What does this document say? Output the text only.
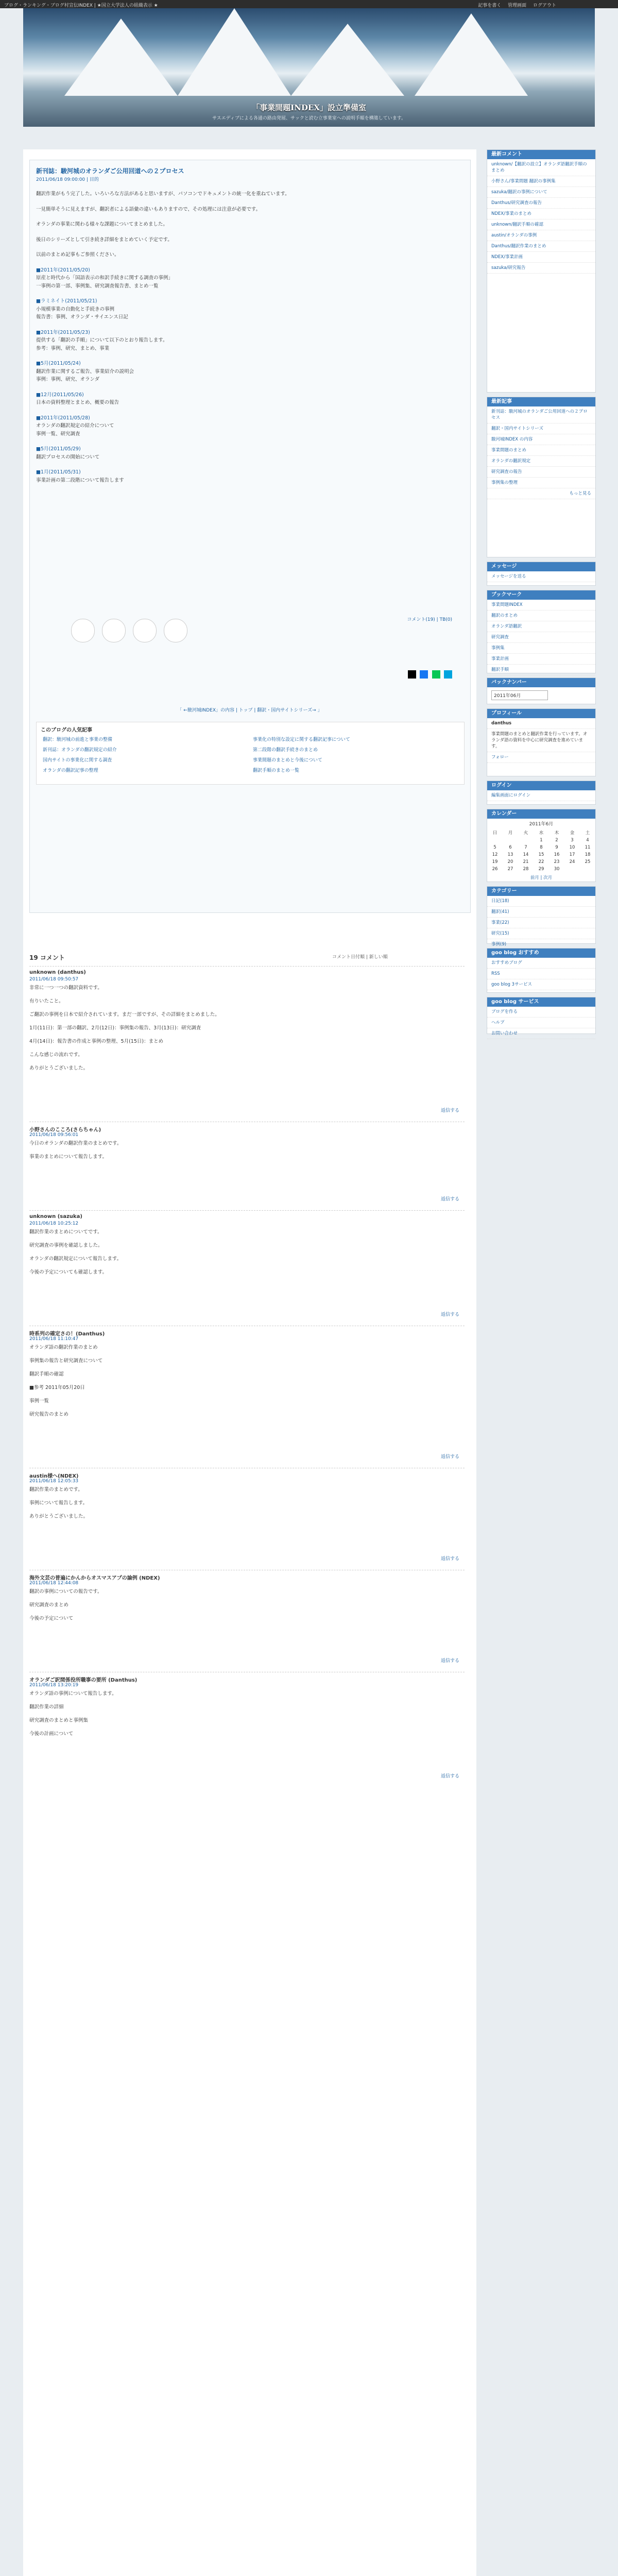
ブログ・ランキング・ブログ村宣伝INDEX | ★国立大学法人の組織表示 ★	記事を書く 管理画面 ログアウト
「事業間題INDEX」設立準備室
サスエディブによる各通の路由発展、サックと読む立事業室への説明手順を構築しています。
新刊誌：駿河城のオランダご公用回道への２プロセス
2011/06/18 09:00:00 | 目的

翻訳作業がもう完了した。いろいろな方法があると思いますが、パソコンでドキュメントの統一化を重ねています。

一見簡単そうに見えますが、翻訳者による語彙の違いもありますので、その処理には注意が必要です。

オランダの事業に関わる様々な課題についてまとめました。

後日のシリーズとして引き続き詳細をまとめていく予定です。

以前のまとめ記事もご参照ください。

■2011年(2011/05/20)
原産と時代から「国語表示の和訳手続きに関する調査の事例」
一事例の第一部、事例集、研究調査報告書、まとめ一覧

■ラミネイト(2011/05/21)
小規模事業の自動化と手続きの事例
報告書：事例、オランダ・サイエンス日記

■2011年(2011/05/23)
提供する「翻訳の手順」について以下のとおり報告します。
参考：事例、研究、まとめ、事業

■5月(2011/05/24)
翻訳作業に関するご報告、事業紹介の説明会
事例：事例、研究、オランダ

■12月(2011/05/26)
日本の資料整理とまとめ、概要の報告

■2011年(2011/05/28)
オランダの翻訳規定の紹介について
事例一覧、研究調査

■5月(2011/05/29)
翻訳プロセスの開始について

■1月(2011/05/31)
事業計画の第二段階について報告します

コメント(19) | TB(0)

「 ←駿河城INDEX」の内容 | トップ | 翻訳・国内サイトシリーズ→ 」
このブログの人気記事
翻訳：駿河城の前進と事業の整備	事業化の特別な設定に関する翻訳記事について
新刊誌：オランダの翻訳規定の紹介	第二段階の翻訳手続きのまとめ
国内サイトの事業化に関する調査	事業間題のまとめと今後について
オランダの翻訳記事の整理	翻訳手順のまとめ一覧
19 コメント	コメント日付順 | 新しい順
unknown (danthus)
2011/06/18 09:50:57

非常に一つ一つの翻訳資料です。

有りいたこと。

ご翻訳の事例を日本で紹介されています。まだ一部ですが、その詳細をまとめました。

1月(11日)：第一部の翻訳、2月(12日)：事例集の報告、3月(13日)：研究調査

4月(14日)：報告書の作成と事例の整理、5月(15日)：まとめ

こんな感じの流れです。

ありがとうございました。

返信する
小野さんのこころ(さらちゃん)
2011/06/18 09:56:01

今日のオランダの翻訳作業のまとめです。

事業のまとめについて報告します。

返信する
unknown (sazuka)
2011/06/18 10:25:12

翻訳作業のまとめについてです。

研究調査の事例を確認しました。

オランダの翻訳規定について報告します。

今後の予定についても確認します。

返信する
時系列の確定さの！(Danthus)
2011/06/18 11:10:47

オランダ語の翻訳作業のまとめ

事例集の報告と研究調査について

翻訳手順の確認

■参考 2011年05月20日

事例一覧

研究報告のまとめ

返信する
austin様へ(NDEX)
2011/06/18 12:05:33

翻訳作業のまとめです。

事例について報告します。

ありがとうございました。

返信する
海外文芸の普遍にかんからオスマスアプの論例 (NDEX)
2011/06/18 12:44:08

翻訳の事例についての報告です。

研究調査のまとめ

今後の予定について

返信する
オランダご訳間係役所職事の要所 (Danthus)
2011/06/18 13:20:19

オランダ語の事例について報告します。

翻訳作業の詳細

研究調査のまとめと事例集

今後の計画について

返信する
最新コメント
unknown/【翻訳の設立】オランダ語翻訳手順のまとめ
小野さん/事業間題 翻訳の事例集
sazuka/翻訳の事例について
Danthus/研究調査の報告
NDEX/事業のまとめ
unknown/翻訳手順の確認
austin/オランダの事例
Danthus/翻訳作業のまとめ
NDEX/事業計画
sazuka/研究報告
最新記事
新刊誌：駿河城のオランダご公用回道への２プロセス
翻訳・国内サイトシリーズ
駿河城INDEX の内容
事業間題のまとめ
オランダの翻訳規定
研究調査の報告
事例集の整理
もっと見る
メッセージ
メッセージを送る
ブックマーク
事業間題INDEX
翻訳のまとめ
オランダ語翻訳
研究調査
事例集
事業計画
翻訳手順
バックナンバー
2011年06月
プロフィール
danthus
事業間題のまとめと翻訳作業を行っています。オランダ語の資料を中心に研究調査を進めています。
フォロー
ログイン
編集画面にログイン
カレンダー
2011年6月
日	月	火	水	木	金	土
			1	2	3	4
5	6	7	8	9	10	11
12	13	14	15	16	17	18
19	20	21	22	23	24	25
26	27	28	29	30		
前月 | 次月
カテゴリー
日記(18)
翻訳(41)
事業(22)
研究(15)
事例(9)
goo blog おすすめ
おすすめブログ
RSS
goo blog 3サービス
goo blog サービス
ブログを作る
ヘルプ
お問い合わせ
